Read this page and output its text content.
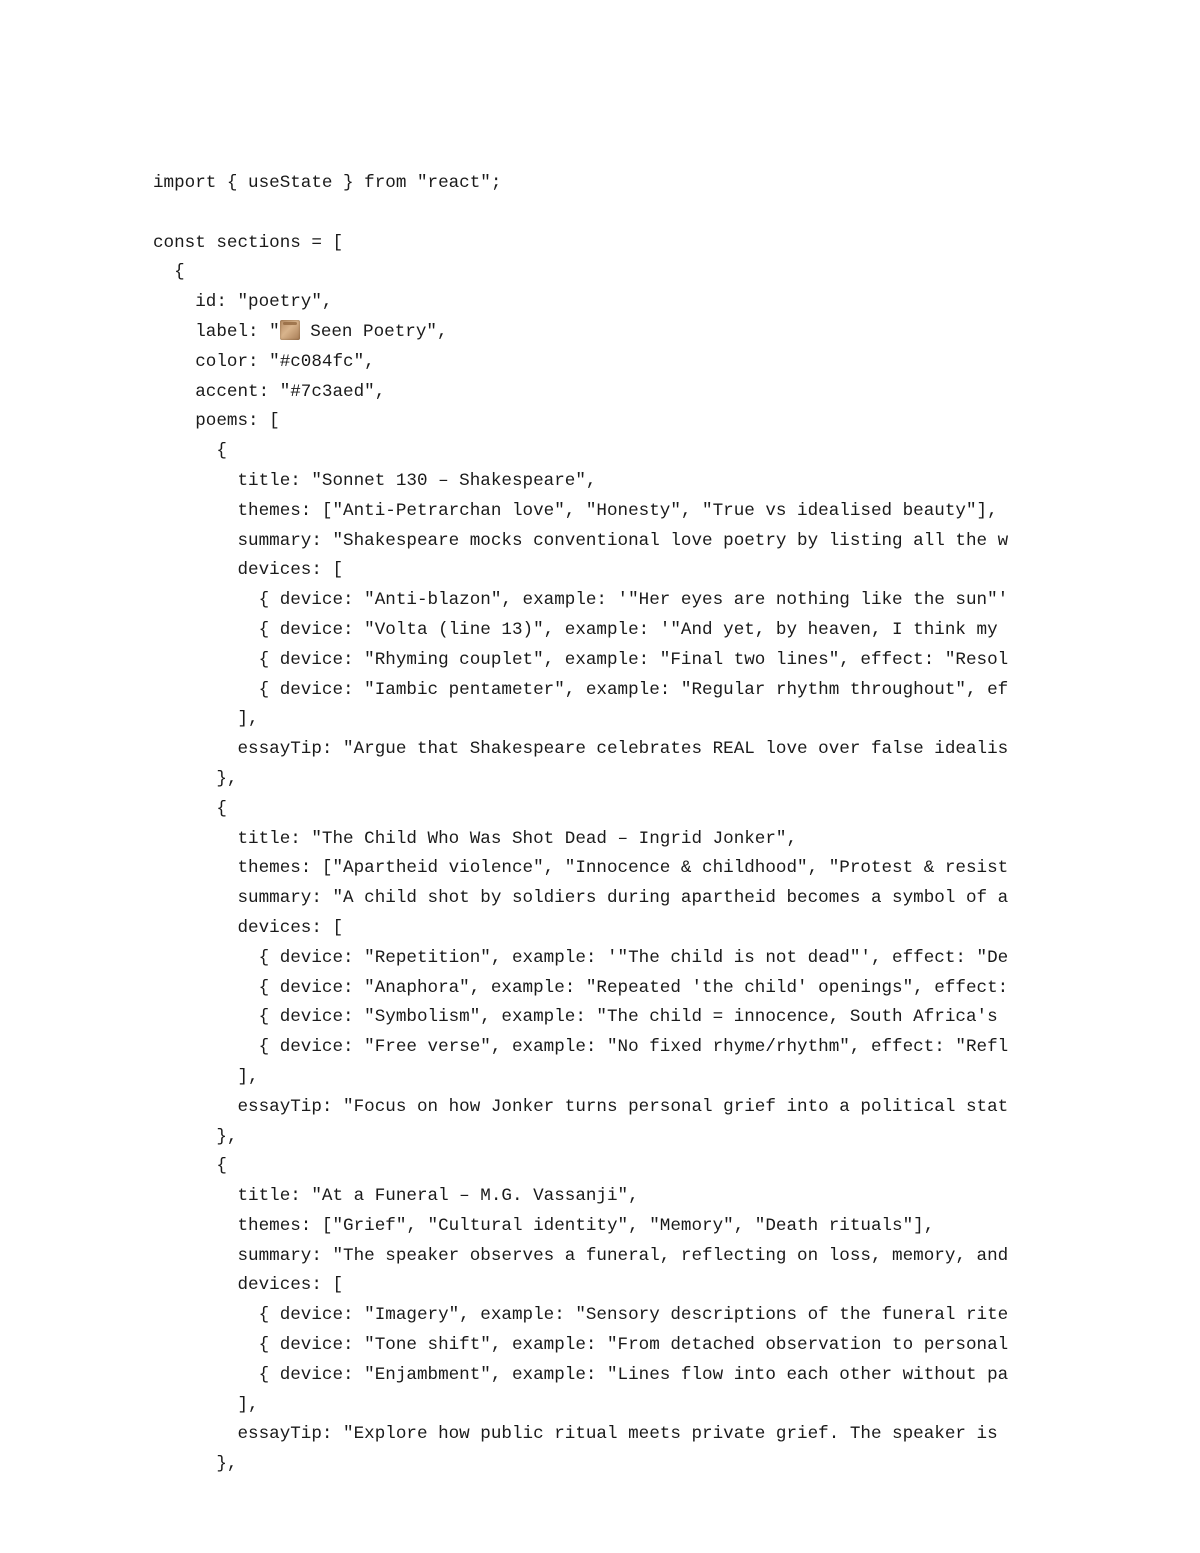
import { useState } from "react";
const sections = [
{
id: "poetry",
label: " Seen Poetry",
color: "#c084fc",
accent: "#7c3aed",
poems: [
{
title: "Sonnet 130 – Shakespeare",
themes: ["Anti-Petrarchan love", "Honesty", "True vs idealised beauty"],
summary: "Shakespeare mocks conventional love poetry by listing all the w
devices: [
{ device: "Anti-blazon", example: '"Her eyes are nothing like the sun"'
{ device: "Volta (line 13)", example: '"And yet, by heaven, I think my
{ device: "Rhyming couplet", example: "Final two lines", effect: "Resol
{ device: "Iambic pentameter", example: "Regular rhythm throughout", ef
],
essayTip: "Argue that Shakespeare celebrates REAL love over false idealis
},
{
title: "The Child Who Was Shot Dead – Ingrid Jonker",
themes: ["Apartheid violence", "Innocence & childhood", "Protest & resist
summary: "A child shot by soldiers during apartheid becomes a symbol of a
devices: [
{ device: "Repetition", example: '"The child is not dead"', effect: "De
{ device: "Anaphora", example: "Repeated 'the child' openings", effect:
{ device: "Symbolism", example: "The child = innocence, South Africa's
{ device: "Free verse", example: "No fixed rhyme/rhythm", effect: "Refl
],
essayTip: "Focus on how Jonker turns personal grief into a political stat
},
{
title: "At a Funeral – M.G. Vassanji",
themes: ["Grief", "Cultural identity", "Memory", "Death rituals"],
summary: "The speaker observes a funeral, reflecting on loss, memory, and
devices: [
{ device: "Imagery", example: "Sensory descriptions of the funeral rite
{ device: "Tone shift", example: "From detached observation to personal
{ device: "Enjambment", example: "Lines flow into each other without pa
],
essayTip: "Explore how public ritual meets private grief. The speaker is
},
